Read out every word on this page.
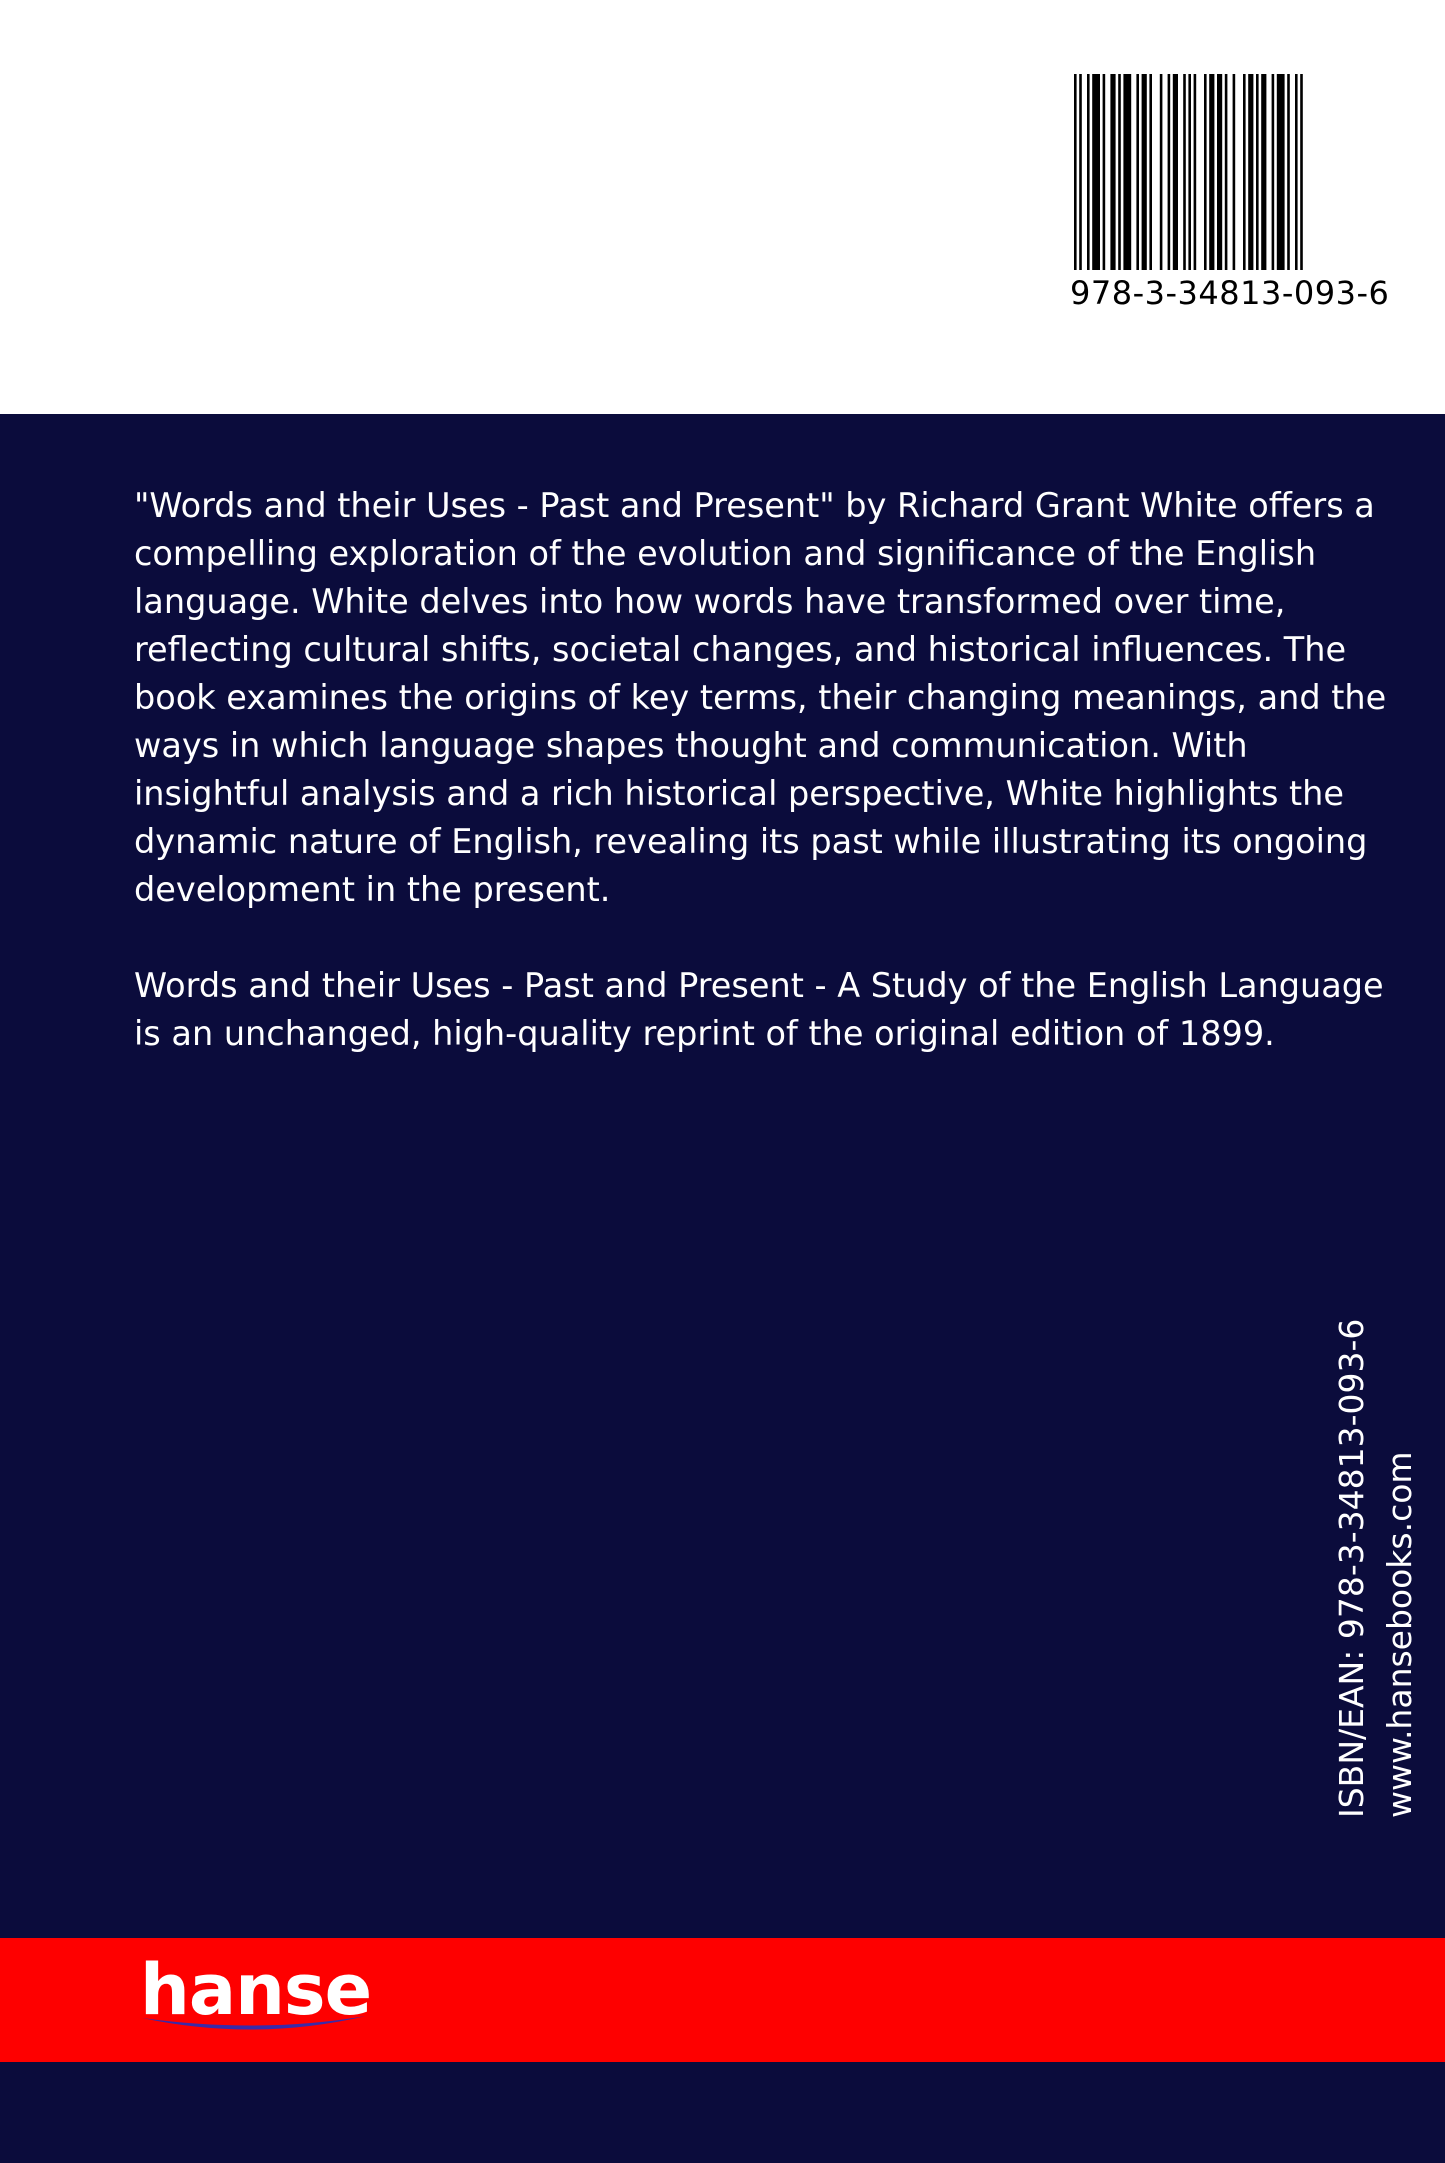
978-3-34813-093-6

"Words and their Uses - Past and Present" by Richard Grant White offers a compelling exploration of the evolution and significance of the English language. White delves into how words have transformed over time, reflecting cultural shifts, societal changes, and historical influences. The book examines the origins of key terms, their changing meanings, and the ways in which language shapes thought and communication. With insightful analysis and a rich historical perspective, White highlights the dynamic nature of English, revealing its past while illustrating its ongoing development in the present.

Words and their Uses - Past and Present - A Study of the English Language is an unchanged, high-quality reprint of the original edition of 1899.

ISBN/EAN: 978-3-34813-093-6 www.hansebooks.com
hanse
